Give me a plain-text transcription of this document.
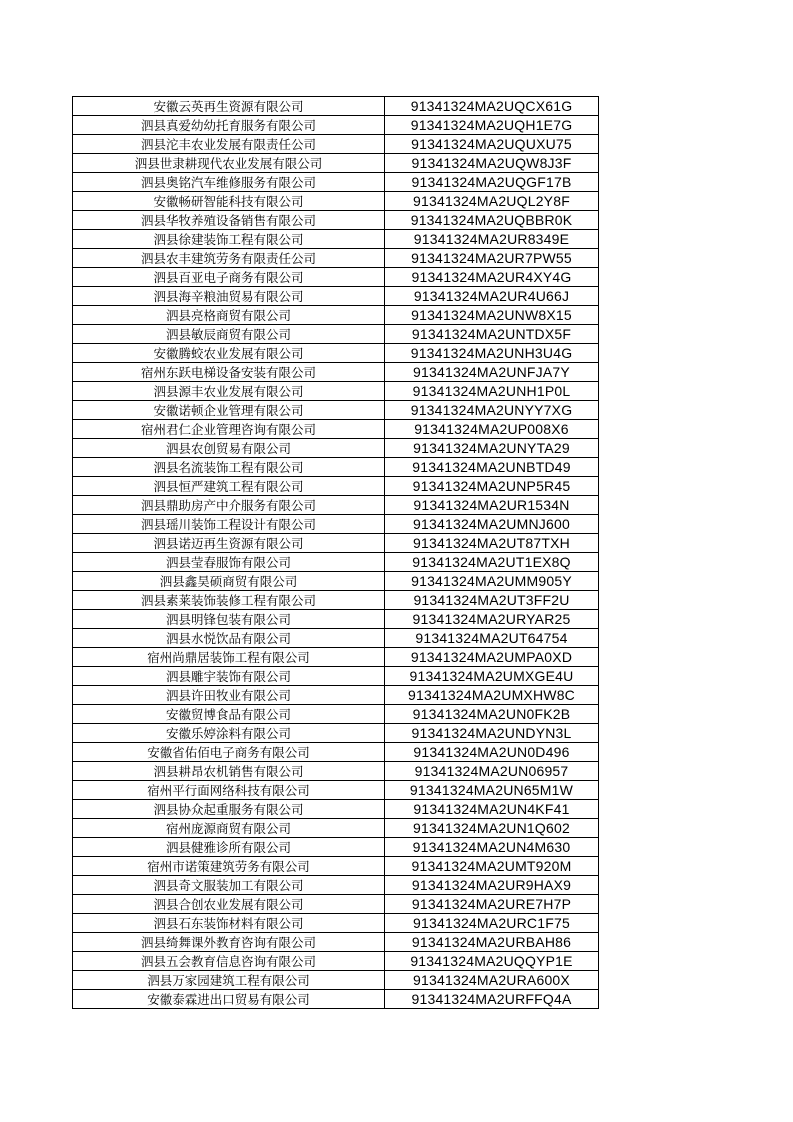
安徽云英再生资源有限公司	91341324MA2UQCX61G
泗县真爱幼幼托育服务有限公司	91341324MA2UQH1E7G
泗县沱丰农业发展有限责任公司	91341324MA2UQUXU75
泗县世隶耕现代农业发展有限公司	91341324MA2UQW8J3F
泗县奥铭汽车维修服务有限公司	91341324MA2UQGF17B
安徽畅研智能科技有限公司	91341324MA2UQL2Y8F
泗县华牧养殖设备销售有限公司	91341324MA2UQBBR0K
泗县徐建装饰工程有限公司	91341324MA2UR8349E
泗县农丰建筑劳务有限责任公司	91341324MA2UR7PW55
泗县百亚电子商务有限公司	91341324MA2UR4XY4G
泗县海辛粮油贸易有限公司	91341324MA2UR4U66J
泗县亮格商贸有限公司	91341324MA2UNW8X15
泗县敏辰商贸有限公司	91341324MA2UNTDX5F
安徽腾蛟农业发展有限公司	91341324MA2UNH3U4G
宿州东跃电梯设备安装有限公司	91341324MA2UNFJA7Y
泗县源丰农业发展有限公司	91341324MA2UNH1P0L
安徽诺顿企业管理有限公司	91341324MA2UNYY7XG
宿州君仁企业管理咨询有限公司	91341324MA2UP008X6
泗县农创贸易有限公司	91341324MA2UNYTA29
泗县名流装饰工程有限公司	91341324MA2UNBTD49
泗县恒严建筑工程有限公司	91341324MA2UNP5R45
泗县鼎助房产中介服务有限公司	91341324MA2UR1534N
泗县瑶川装饰工程设计有限公司	91341324MA2UMNJ600
泗县诺迈再生资源有限公司	91341324MA2UT87TXH
泗县莹春服饰有限公司	91341324MA2UT1EX8Q
泗县鑫昊硕商贸有限公司	91341324MA2UMM905Y
泗县素莱装饰装修工程有限公司	91341324MA2UT3FF2U
泗县明锋包装有限公司	91341324MA2URYAR25
泗县水悦饮品有限公司	91341324MA2UT64754
宿州尚鼎居装饰工程有限公司	91341324MA2UMPA0XD
泗县雕宇装饰有限公司	91341324MA2UMXGE4U
泗县许田牧业有限公司	91341324MA2UMXHW8C
安徽贸博食品有限公司	91341324MA2UN0FK2B
安徽乐婷涂料有限公司	91341324MA2UNDYN3L
安徽省佑佰电子商务有限公司	91341324MA2UN0D496
泗县耕昂农机销售有限公司	91341324MA2UN06957
宿州平行面网络科技有限公司	91341324MA2UN65M1W
泗县协众起重服务有限公司	91341324MA2UN4KF41
宿州庞源商贸有限公司	91341324MA2UN1Q602
泗县健雅诊所有限公司	91341324MA2UN4M630
宿州市诺策建筑劳务有限公司	91341324MA2UMT920M
泗县奇文服装加工有限公司	91341324MA2UR9HAX9
泗县合创农业发展有限公司	91341324MA2URE7H7P
泗县石东装饰材料有限公司	91341324MA2URC1F75
泗县绮舞课外教育咨询有限公司	91341324MA2URBAH86
泗县五会教育信息咨询有限公司	91341324MA2UQQYP1E
泗县万家园建筑工程有限公司	91341324MA2URA600X
安徽泰霖进出口贸易有限公司	91341324MA2URFFQ4A
